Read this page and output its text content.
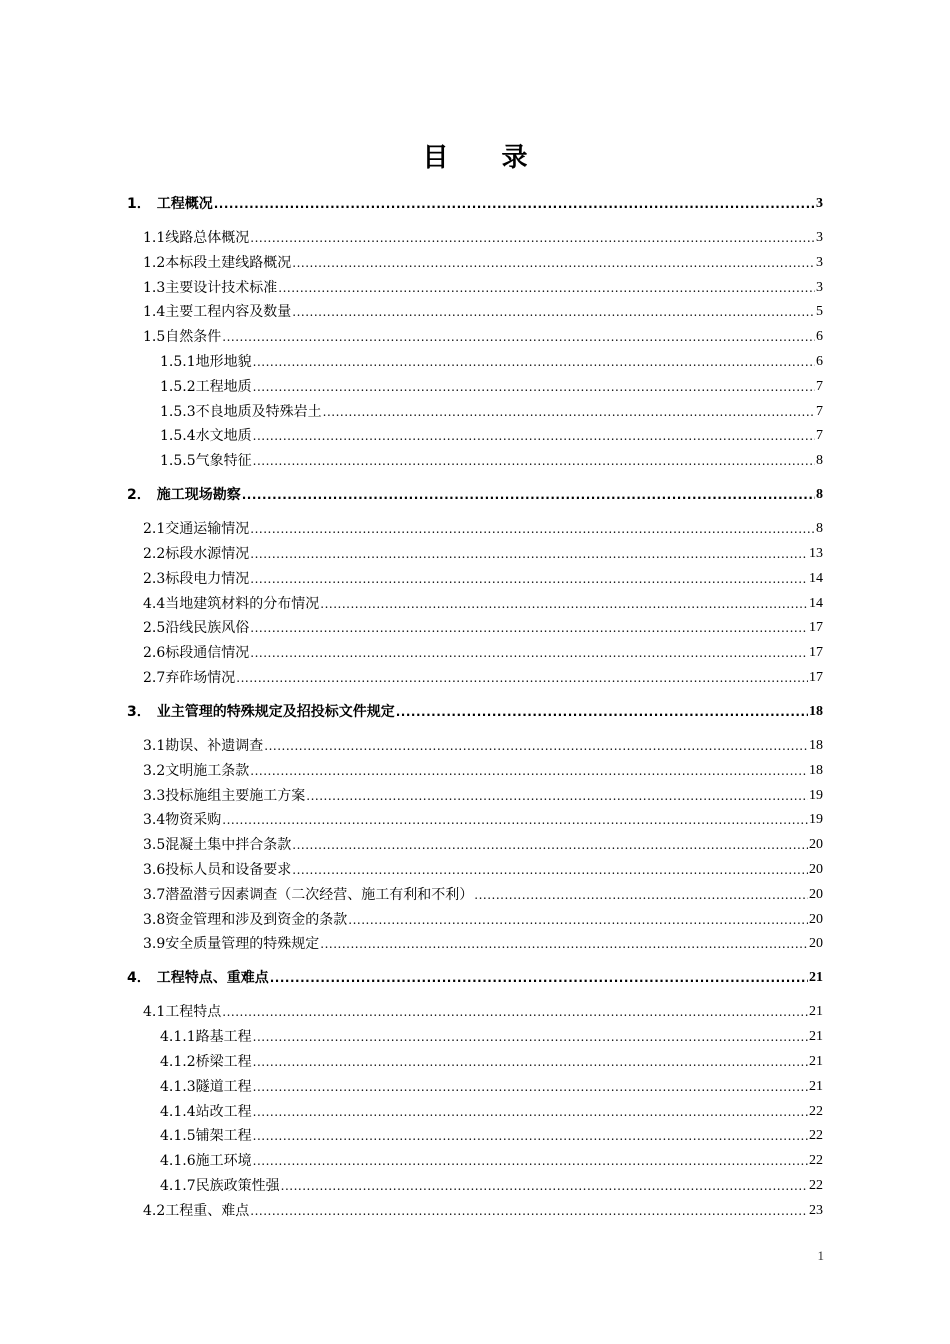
目 录
1． 工程概况 .....	3
1.1 线路总体概况 .....	3
1.2 本标段土建线路概况 .....	3
1.3 主要设计技术标准 .....	3
1.4 主要工程内容及数量 .....	5
1.5 自然条件 .....	6
1.5.1 地形地貌 .....	6
1.5.2 工程地质 .....	7
1.5.3 不良地质及特殊岩土 .....	7
1.5.4 水文地质 .....	7
1.5.5 气象特征 .....	8
2． 施工现场勘察 .....	8
2.1 交通运输情况 .....	8
2.2 标段水源情况 .....	13
2.3 标段电力情况 .....	14
4.4 当地建筑材料的分布情况 .....	14
2.5 沿线民族风俗 .....	17
2.6 标段通信情况 .....	17
2.7 弃砟场情况 .....	17
3． 业主管理的特殊规定及招投标文件规定 .....	18
3.1 勘误、补遗调查 .....	18
3.2 文明施工条款 .....	18
3.3 投标施组主要施工方案 .....	19
3.4 物资采购 .....	19
3.5 混凝土集中拌合条款 .....	20
3.6 投标人员和设备要求 .....	20
3.7 潜盈潜亏因素调查（二次经营、施工有利和不利） .....	20
3.8 资金管理和涉及到资金的条款 .....	20
3.9 安全质量管理的特殊规定 .....	20
4． 工程特点、重难点 .....	21
4.1 工程特点 .....	21
4.1.1 路基工程 .....	21
4.1.2 桥梁工程 .....	21
4.1.3 隧道工程 .....	21
4.1.4 站改工程 .....	22
4.1.5 铺架工程 .....	22
4.1.6 施工环境 .....	22
4.1.7 民族政策性强 .....	22
4.2 工程重、难点 .....	23
1
